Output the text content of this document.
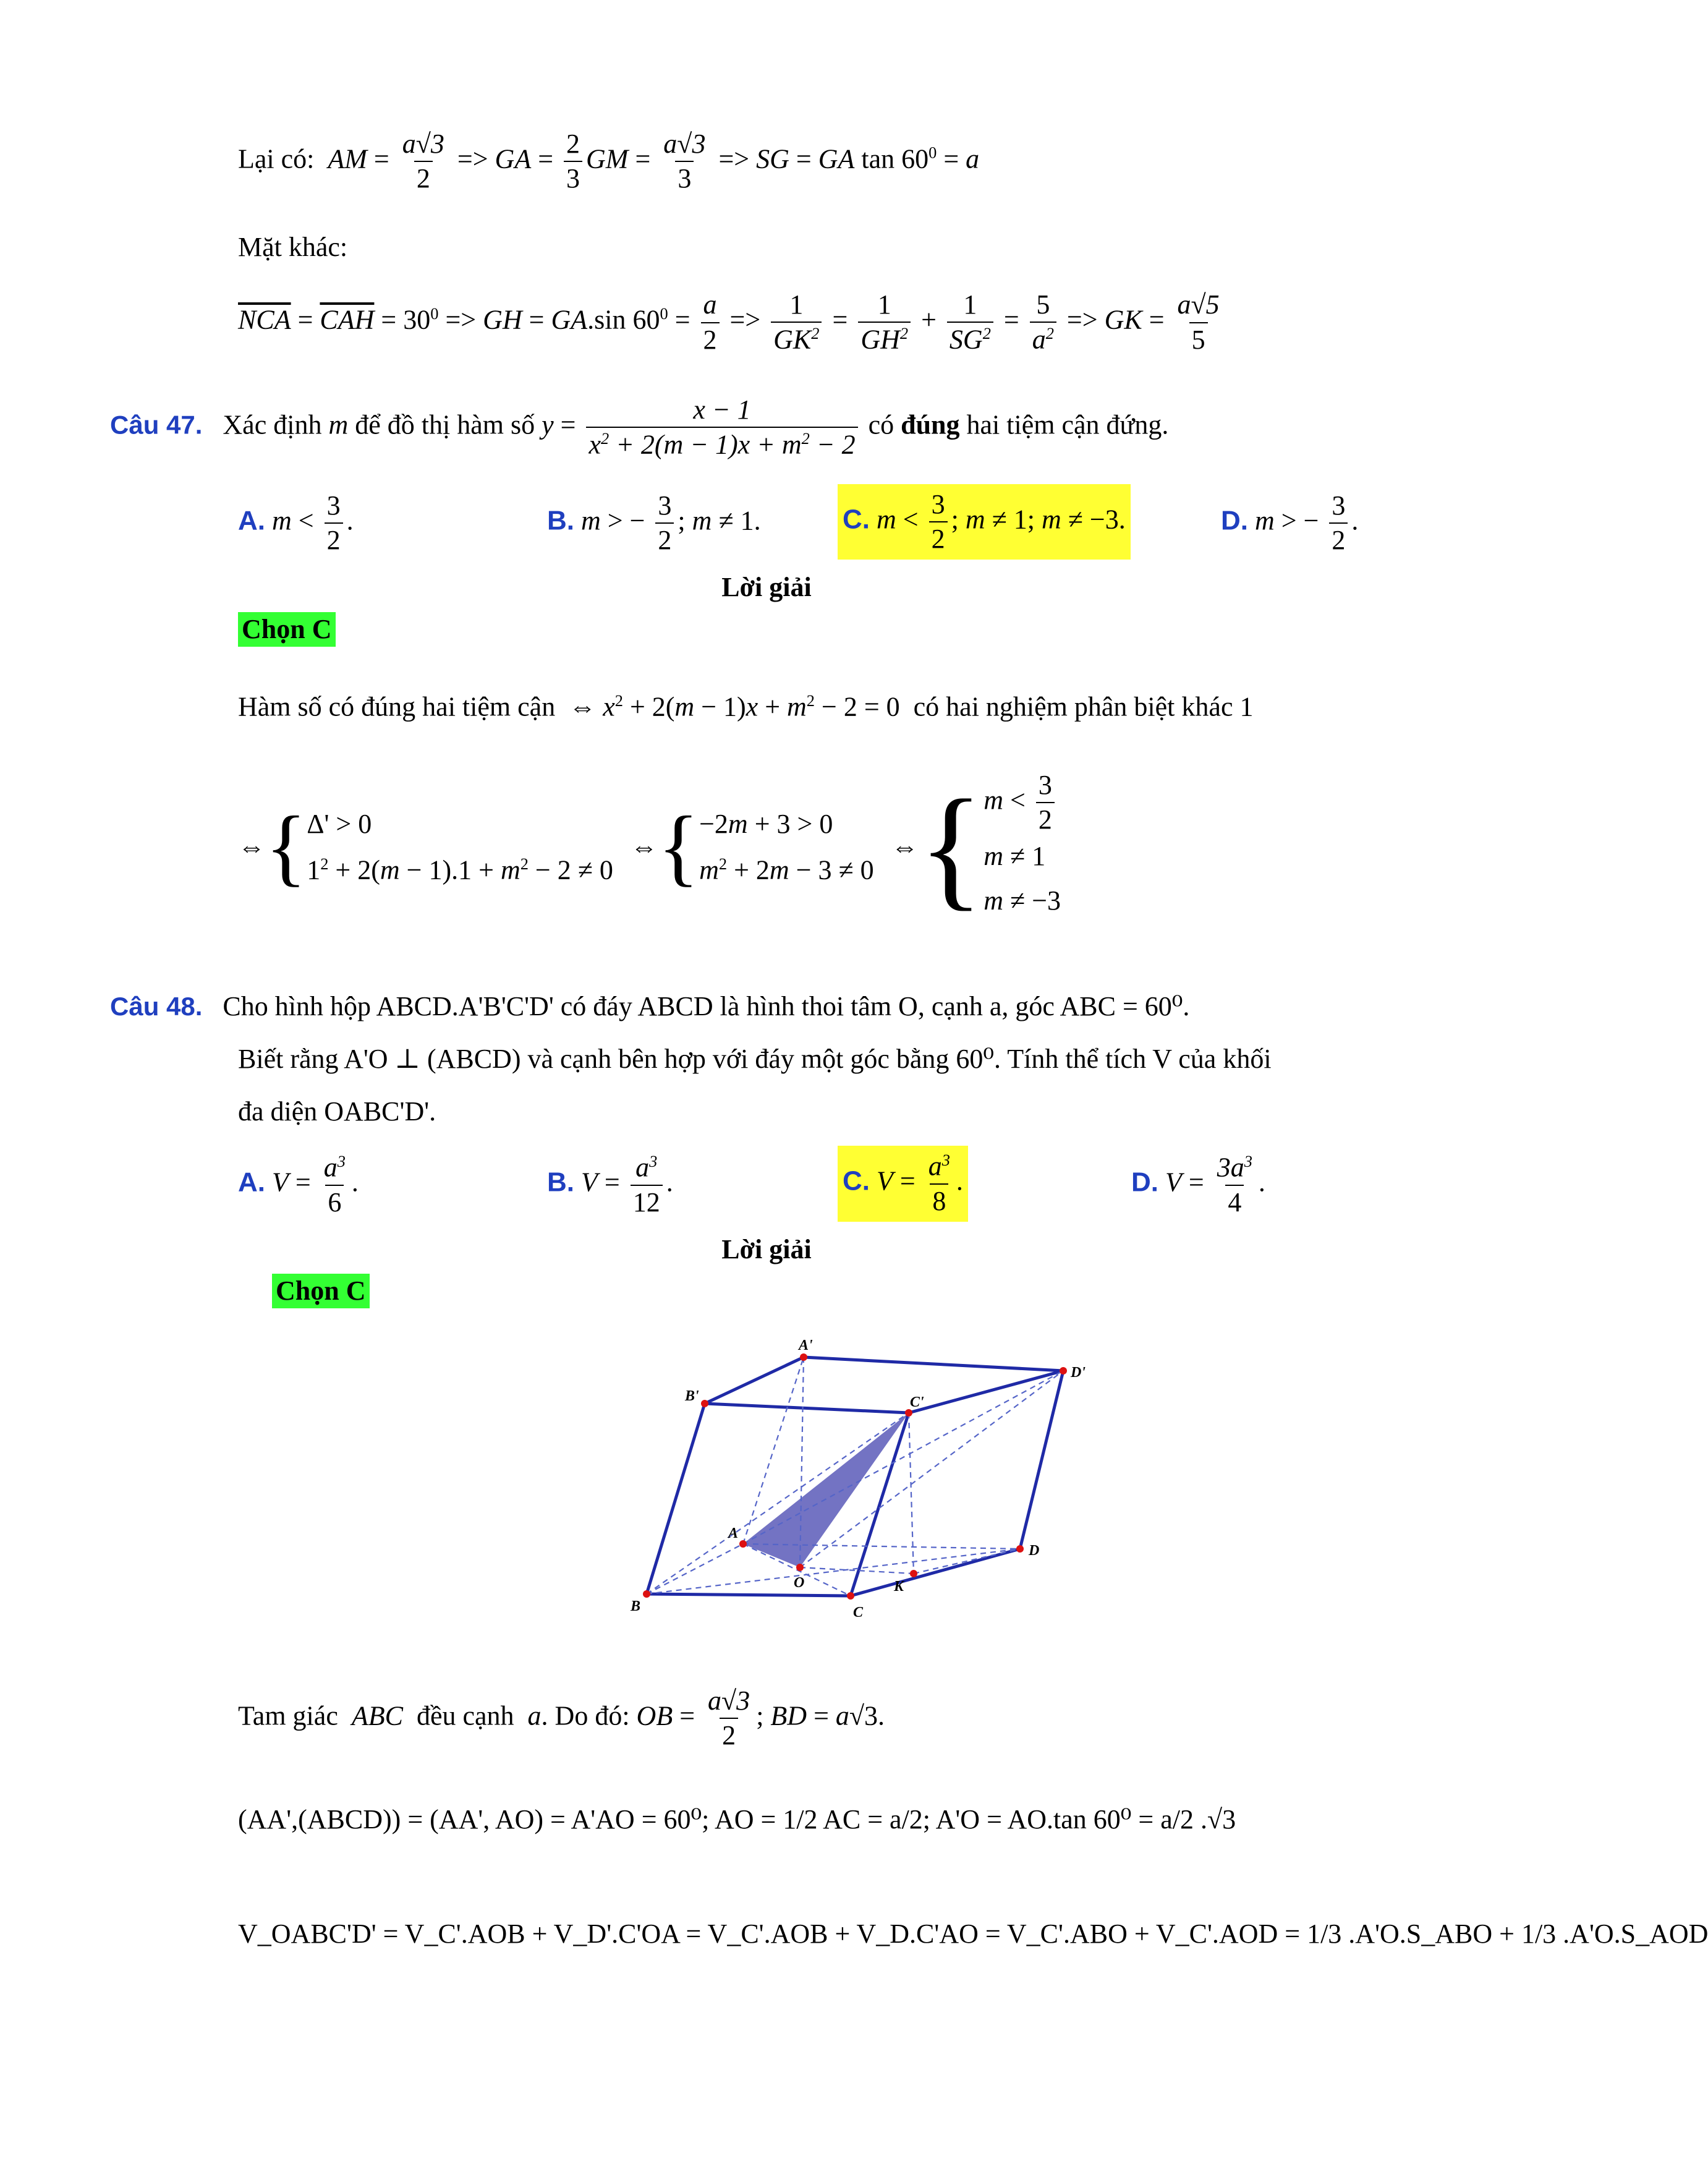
Lại có:  AM = $\frac{a√3}{2}$ => GA = $\frac{2}{3}$ GM = $\frac{a√3}{3}$ => SG = GA $\tan 60^0 = a$
Mặt khác:
$\overline{NCA} = \overline{CAH} = 30^0$ => GH = GA.sin $60^0 = \frac{a}{2} => \frac{1}{GK^2} = \frac{1}{GH^2} + \frac{1}{SG^2} = \frac{5}{a^2}$ => GK = $\frac{a√5}{5}$
Câu 47. Xác định m để đồ thị hàm số $y = \frac{x - 1}{x^2 + 2(m - 1)x + m^2 - 2}$ có đúng hai tiệm cận đứng.
A. $m < \frac{3}{2}$ .	B. m > − $\frac{3}{2}$ ; m ≠ 1.	C. $m < \frac{3}{2}$ ; m ≠ 1; m ≠ −3.	D. m > − $\frac{3}{2}$ .
Lời giải
Chọn C
Hàm số có đúng hai tiệm cận  ⇔ $x^2 + 2(m - 1)x + m^2 - 2 = 0$  có hai nghiệm phân biệt khác 1
⇔ { Δ' > 0
$1^2 + 2(m - 1).1 + m^2 - 2 \ne 0$
⇔ { −2m + 3 > 0
$m^2 + 2m - 3 \ne 0$
⇔ { $m < \frac{3}{2}$
m ≠ 1
m ≠ −3
Câu 48. Cho hình hộp ABCD.A'B'C'D' có đáy ABCD là hình thoi tâm O, cạnh a, góc ABC = 60⁰.
Biết rằng A'O ⊥ (ABCD) và cạnh bên hợp với đáy một góc bằng 60⁰. Tính thể tích V của khối
đa diện OABC'D'.
A. $V = \frac{a^3}{6}$ .	B. $V = \frac{a^3}{12}$ .	C. $V = \frac{a^3}{8}$ .	D. $V = \frac{3a^3}{4}$ .
Lời giải
Chọn C
A'
B'	C'
D'
A
B	C
D
O	K
Tam giác  ABC  đều cạnh  a. Do đó: OB = $\frac{a√3}{2}$ ; BD = a√3.
(AA',(ABCD)) = (AA', AO) = A'AO = 60⁰; AO = 1/2 AC = a/2; A'O = AO.tan 60⁰ = a/2 .√3
V_OABC'D' = V_C'.AOB + V_D'.C'OA = V_C'.AOB + V_D.C'AO = V_C'.ABO + V_C'.AOD = 1/3 .A'O.S_ABO + 1/3 .A'O.S_AOD
